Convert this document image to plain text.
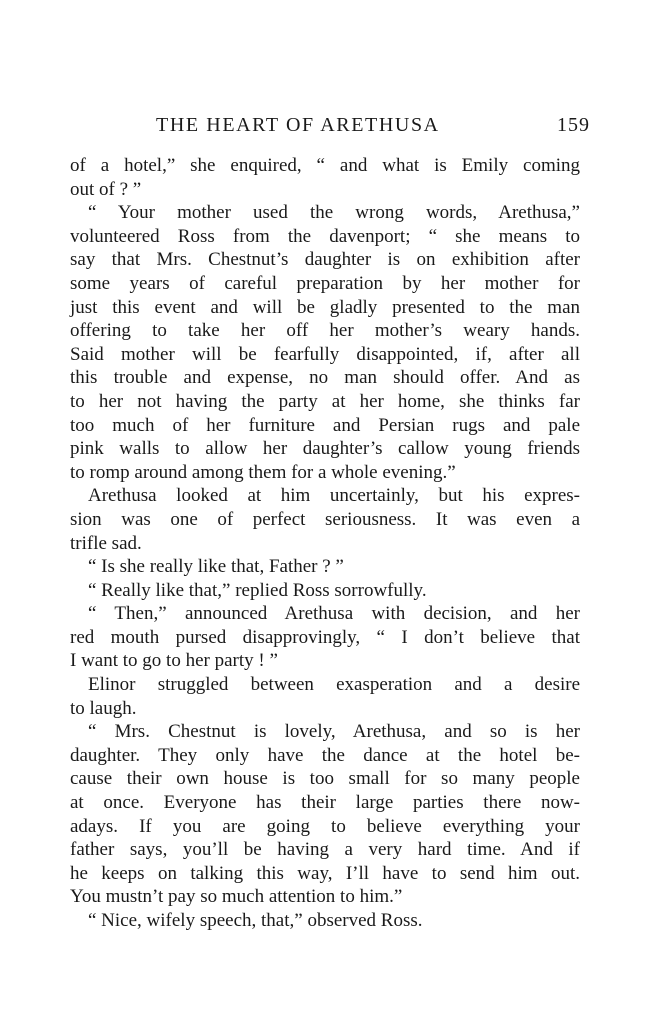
THE HEART OF ARETHUSA	159
of a hotel,” she enquired, “ and what is Emily coming
out of ? ”
“ Your mother used the wrong words, Arethusa,”
volunteered Ross from the davenport; “ she means to
say that Mrs. Chestnut’s daughter is on exhibition after
some years of careful preparation by her mother for
just this event and will be gladly presented to the man
offering to take her off her mother’s weary hands.
Said mother will be fearfully disappointed, if, after all
this trouble and expense, no man should offer. And as
to her not having the party at her home, she thinks far
too much of her furniture and Persian rugs and pale
pink walls to allow her daughter’s callow young friends
to romp around among them for a whole evening.”
Arethusa looked at him uncertainly, but his expres-
sion was one of perfect seriousness. It was even a
trifle sad.
“ Is she really like that, Father ? ”
“ Really like that,” replied Ross sorrowfully.
“ Then,” announced Arethusa with decision, and her
red mouth pursed disapprovingly, “ I don’t believe that
I want to go to her party ! ”
Elinor struggled between exasperation and a desire
to laugh.
“ Mrs. Chestnut is lovely, Arethusa, and so is her
daughter. They only have the dance at the hotel be-
cause their own house is too small for so many people
at once. Everyone has their large parties there now-
adays. If you are going to believe everything your
father says, you’ll be having a very hard time. And if
he keeps on talking this way, I’ll have to send him out.
You mustn’t pay so much attention to him.”
“ Nice, wifely speech, that,” observed Ross.
